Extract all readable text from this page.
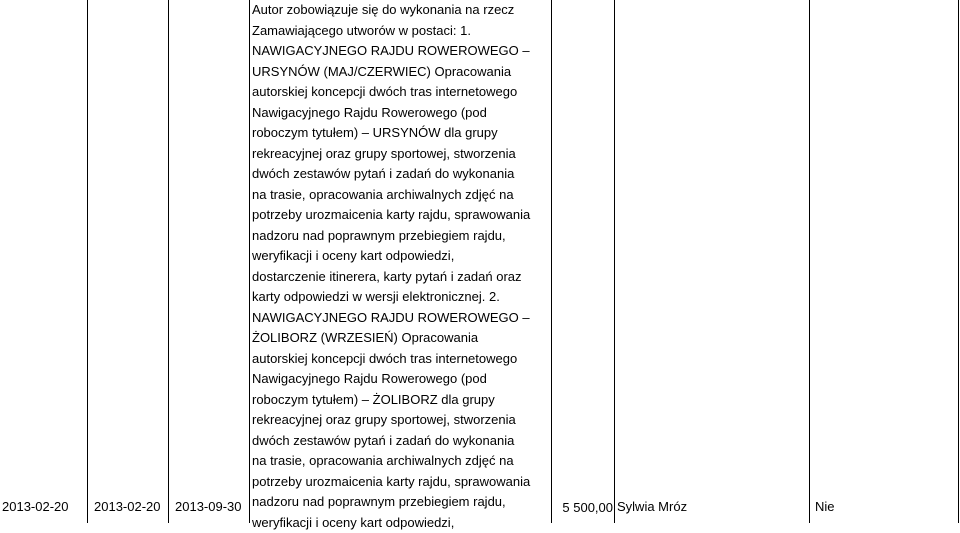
2013-02-20 2013-02-20 2013-09-30
Autor zobowiązuje się do wykonania na rzecz
Zamawiającego utworów w postaci: 1.
NAWIGACYJNEGO RAJDU ROWEROWEGO –
URSYNÓW (MAJ/CZERWIEC) Opracowania
autorskiej koncepcji dwóch tras internetowego
Nawigacyjnego Rajdu Rowerowego (pod
roboczym tytułem) – URSYNÓW dla grupy
rekreacyjnej oraz grupy sportowej, stworzenia
dwóch zestawów pytań i zadań do wykonania
na trasie, opracowania archiwalnych zdjęć na
potrzeby urozmaicenia karty rajdu, sprawowania
nadzoru nad poprawnym przebiegiem rajdu,
weryfikacji i oceny kart odpowiedzi,
dostarczenie itinerera, karty pytań i zadań oraz
karty odpowiedzi w wersji elektronicznej. 2.
NAWIGACYJNEGO RAJDU ROWEROWEGO –
ŻOLIBORZ (WRZESIEŃ) Opracowania
autorskiej koncepcji dwóch tras internetowego
Nawigacyjnego Rajdu Rowerowego (pod
roboczym tytułem) – ŻOLIBORZ dla grupy
rekreacyjnej oraz grupy sportowej, stworzenia
dwóch zestawów pytań i zadań do wykonania
na trasie, opracowania archiwalnych zdjęć na
potrzeby urozmaicenia karty rajdu, sprawowania
nadzoru nad poprawnym przebiegiem rajdu,
weryfikacji i oceny kart odpowiedzi,
5 500,00 Sylwia Mróz	Nie
